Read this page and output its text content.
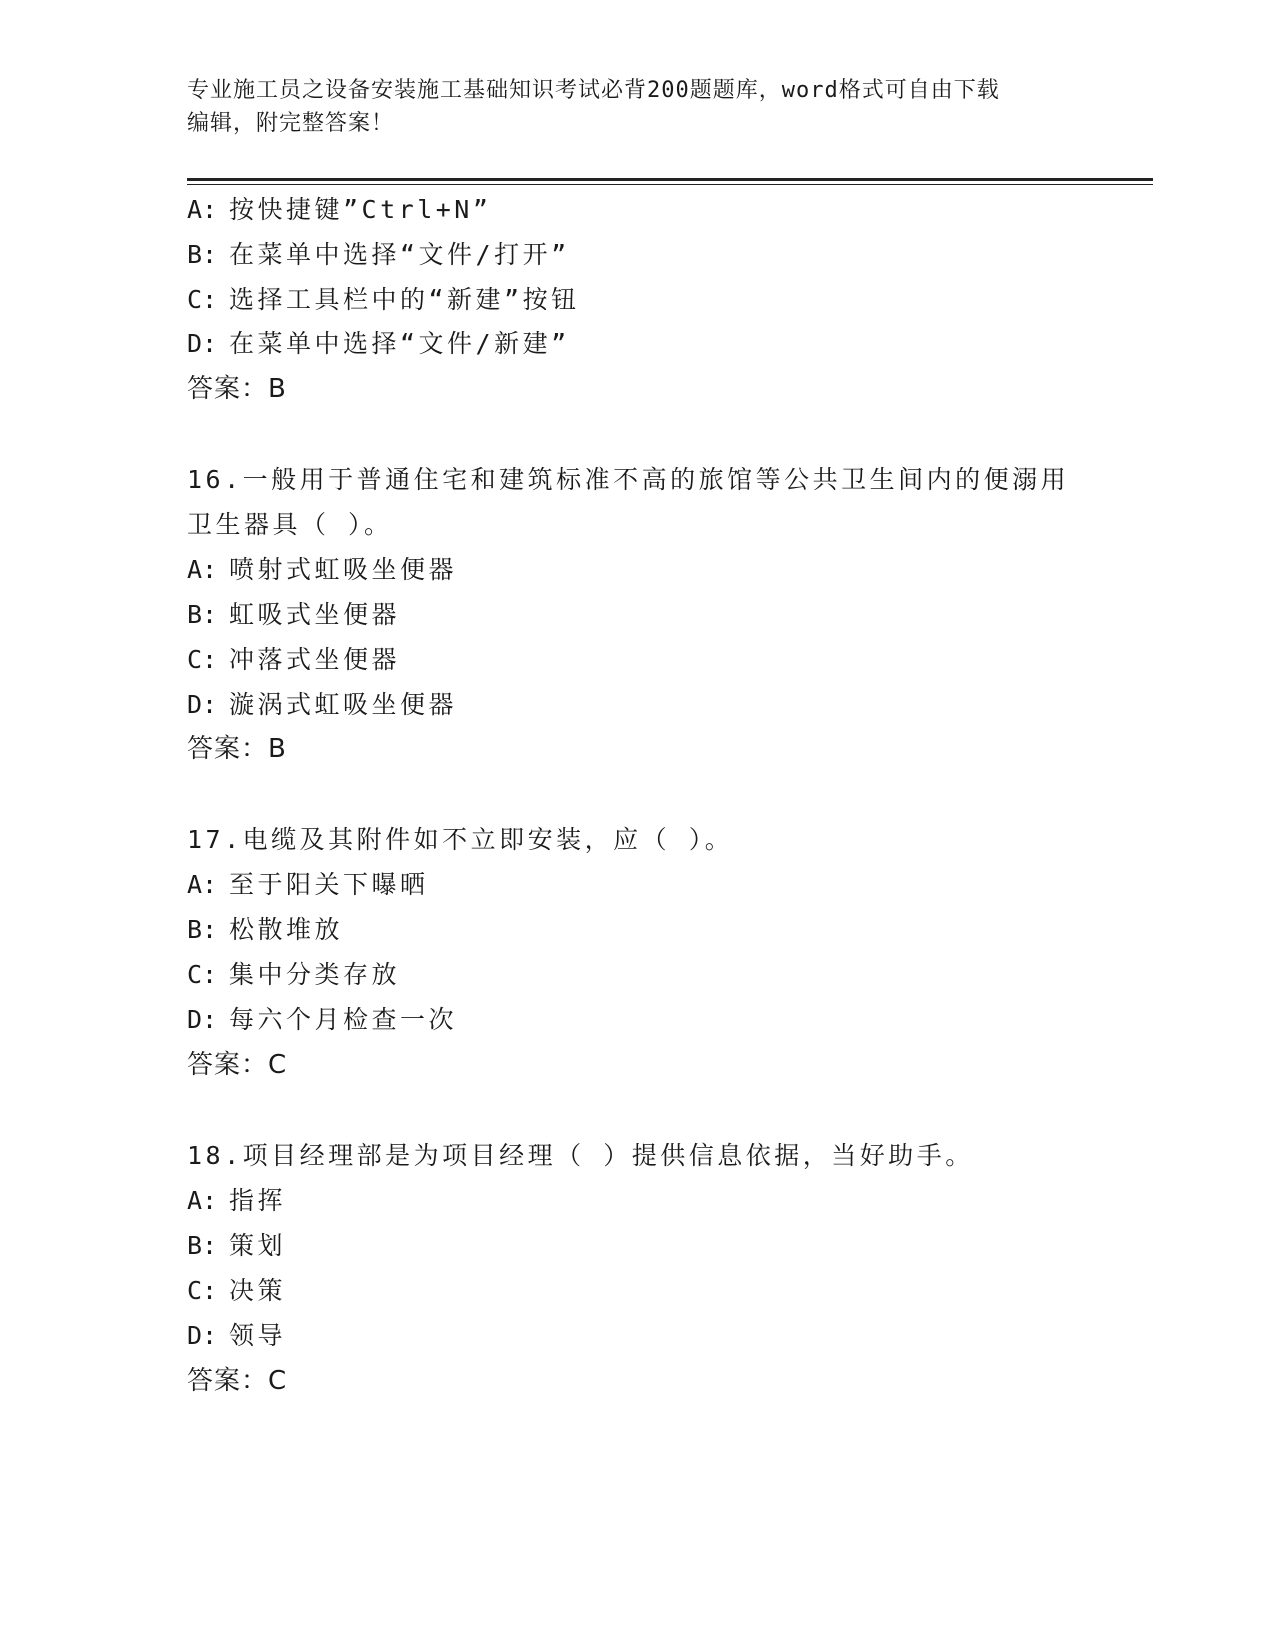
专业施工员之设备安装施工基础知识考试必背200题题库，word格式可自由下载
编辑，附完整答案！
A: 按快捷键”Ctrl+N”
B: 在菜单中选择“文件/打开”
C: 选择工具栏中的“新建”按钮
D: 在菜单中选择“文件/新建”
答案：B
16.一般用于普通住宅和建筑标准不高的旅馆等公共卫生间内的便溺用
卫生器具（ ）。
A: 喷射式虹吸坐便器
B: 虹吸式坐便器
C: 冲落式坐便器
D: 漩涡式虹吸坐便器
答案：B
17.电缆及其附件如不立即安装，应（ ）。
A: 至于阳关下曝晒
B: 松散堆放
C: 集中分类存放
D: 每六个月检查一次
答案：C
18.项目经理部是为项目经理（ ）提供信息依据，当好助手。
A: 指挥
B: 策划
C: 决策
D: 领导
答案：C
